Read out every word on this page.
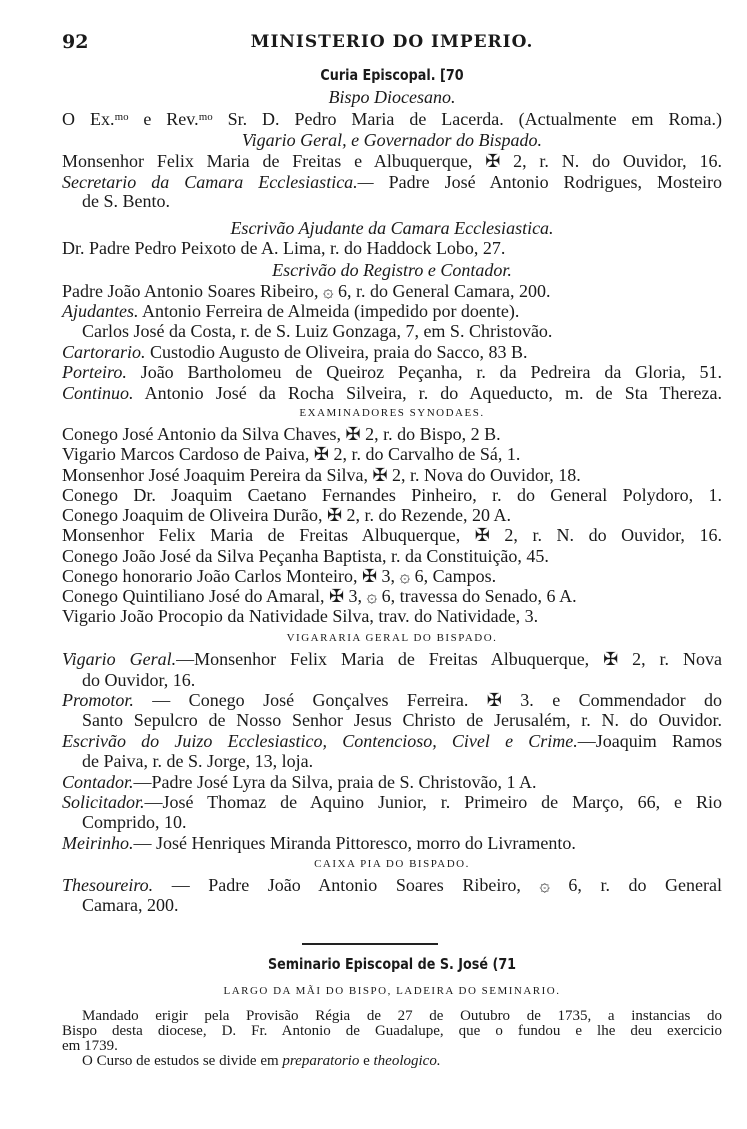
92	MINISTERIO DO IMPERIO.
Curia Episcopal. [70
Bispo Diocesano.
O Ex.ᵐᵒ e Rev.ᵐᵒ Sr. D. Pedro Maria de Lacerda. (Actualmente em Roma.)
Vigario Geral, e Governador do Bispado.
Monsenhor Felix Maria de Freitas e Albuquerque, ✠ 2, r. N. do Ouvidor, 16.
Secretario da Camara Ecclesiastica.— Padre José Antonio Rodrigues, Mosteiro
de S. Bento.
Escrivão Ajudante da Camara Ecclesiastica.
Dr. Padre Pedro Peixoto de A. Lima, r. do Haddock Lobo, 27.
Escrivão do Registro e Contador.
Padre João Antonio Soares Ribeiro, ۞ 6, r. do General Camara, 200.
Ajudantes. Antonio Ferreira de Almeida (impedido por doente).
Carlos José da Costa, r. de S. Luiz Gonzaga, 7, em S. Christovão.
Cartorario. Custodio Augusto de Oliveira, praia do Sacco, 83 B.
Porteiro. João Bartholomeu de Queiroz Peçanha, r. da Pedreira da Gloria, 51.
Continuo. Antonio José da Rocha Silveira, r. do Aqueducto, m. de Sta Thereza.
EXAMINADORES SYNODAES.
Conego José Antonio da Silva Chaves, ✠ 2, r. do Bispo, 2 B.
Vigario Marcos Cardoso de Paiva, ✠ 2, r. do Carvalho de Sá, 1.
Monsenhor José Joaquim Pereira da Silva, ✠ 2, r. Nova do Ouvidor, 18.
Conego Dr. Joaquim Caetano Fernandes Pinheiro, r. do General Polydoro, 1.
Conego Joaquim de Oliveira Durão, ✠ 2, r. do Rezende, 20 A.
Monsenhor Felix Maria de Freitas Albuquerque, ✠ 2, r. N. do Ouvidor, 16.
Conego João José da Silva Peçanha Baptista, r. da Constituição, 45.
Conego honorario João Carlos Monteiro, ✠ 3, ۞ 6, Campos.
Conego Quintiliano José do Amaral, ✠ 3, ۞ 6, travessa do Senado, 6 A.
Vigario João Procopio da Natividade Silva, trav. do Natividade, 3.
VIGARARIA GERAL DO BISPADO.
Vigario Geral.—Monsenhor Felix Maria de Freitas Albuquerque, ✠ 2, r. Nova
do Ouvidor, 16.
Promotor. — Conego José Gonçalves Ferreira. ✠ 3. e Commendador do
Santo Sepulcro de Nosso Senhor Jesus Christo de Jerusalém, r. N. do Ouvidor.
Escrivão do Juizo Ecclesiastico, Contencioso, Civel e Crime.—Joaquim Ramos
de Paiva, r. de S. Jorge, 13, loja.
Contador.—Padre José Lyra da Silva, praia de S. Christovão, 1 A.
Solicitador.—José Thomaz de Aquino Junior, r. Primeiro de Março, 66, e Rio
Comprido, 10.
Meirinho.— José Henriques Miranda Pittoresco, morro do Livramento.
CAIXA PIA DO BISPADO.
Thesoureiro. — Padre João Antonio Soares Ribeiro, ۞ 6, r. do General
Camara, 200.
Seminario Episcopal de S. José (71
LARGO DA MÃI DO BISPO, LADEIRA DO SEMINARIO.
Mandado erigir pela Provisão Régia de 27 de Outubro de 1735, a instancias do
Bispo desta diocese, D. Fr. Antonio de Guadalupe, que o fundou e lhe deu exercicio
em 1739.
O Curso de estudos se divide em preparatorio e theologico.
